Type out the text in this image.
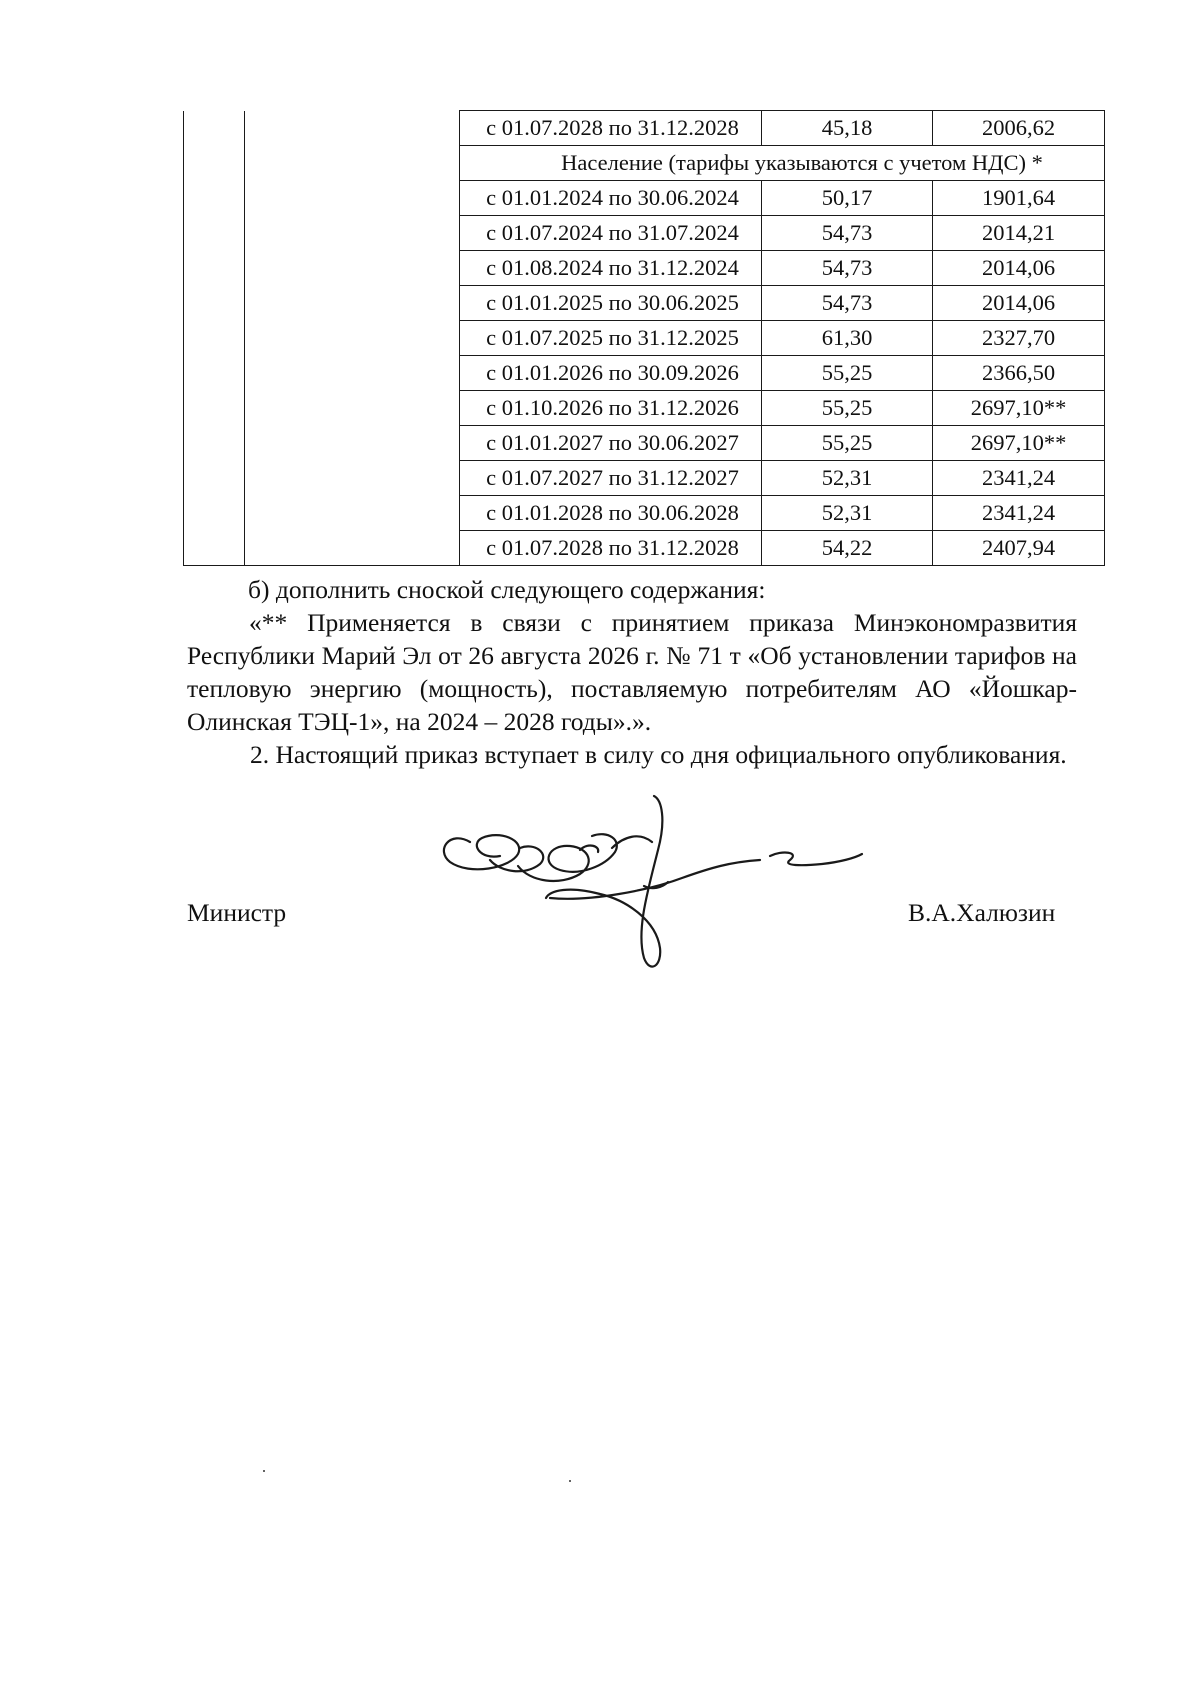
		с 01.07.2028 по 31.12.2028	45,18	2006,62
		Население (тарифы указываются с учетом НДС) *		
		с 01.01.2024 по 30.06.2024	50,17	1901,64
		с 01.07.2024 по 31.07.2024	54,73	2014,21
		с 01.08.2024 по 31.12.2024	54,73	2014,06
		с 01.01.2025 по 30.06.2025	54,73	2014,06
		с 01.07.2025 по 31.12.2025	61,30	2327,70
		с 01.01.2026 по 30.09.2026	55,25	2366,50
		с 01.10.2026 по 31.12.2026	55,25	2697,10**
		с 01.01.2027 по 30.06.2027	55,25	2697,10**
		с 01.07.2027 по 31.12.2027	52,31	2341,24
		с 01.01.2028 по 30.06.2028	52,31	2341,24
		с 01.07.2028 по 31.12.2028	54,22	2407,94

б) дополнить сноской следующего содержания:

«** Применяется в связи с принятием приказа Минэкономразвития Республики Марий Эл от 26 августа 2026 г. № 71 т «Об установлении тарифов на тепловую энергию (мощность), поставляемую потребителям АО «Йошкар-Олинская ТЭЦ-1», на 2024 – 2028 годы».».

2. Настоящий приказ вступает в силу со дня официального опубликования.

Министр	В.А.Халюзин
